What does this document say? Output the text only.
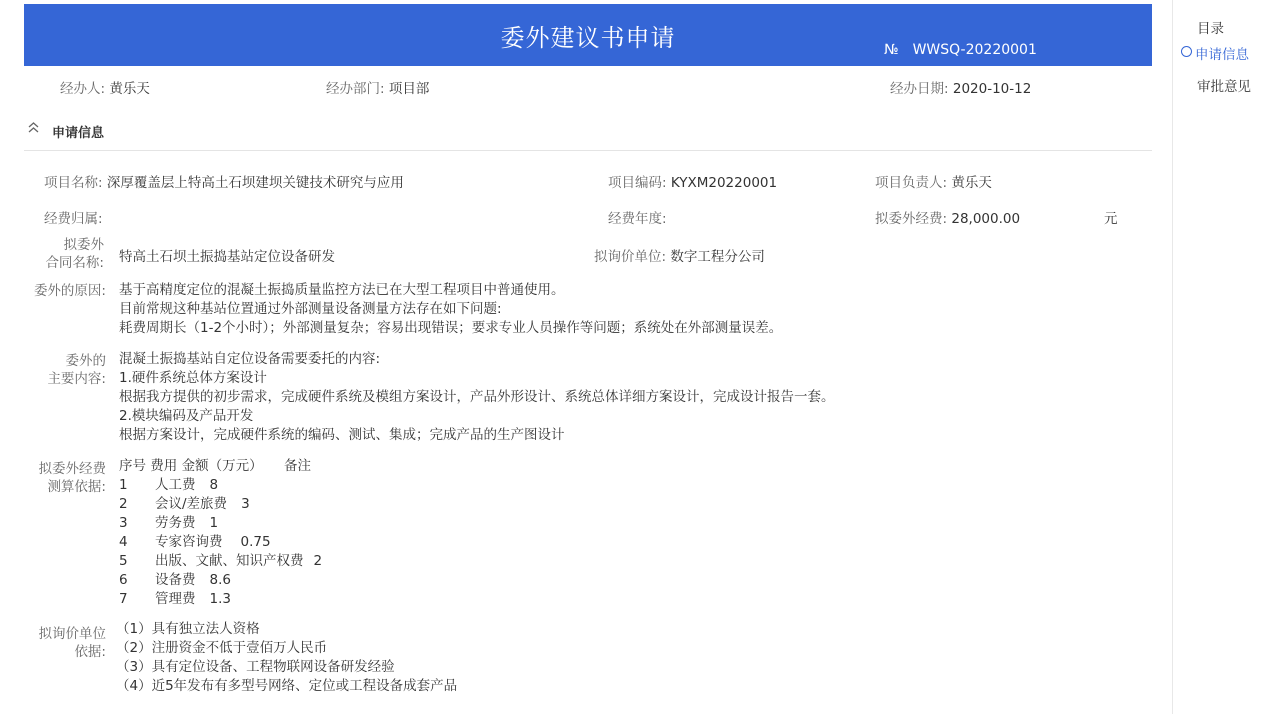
委外建议书申请	№ WWSQ-20220001
经办人: 黄乐天	经办部门: 项目部	经办日期: 2020-10-12
申请信息
项目名称: 深厚覆盖层上特高土石坝建坝关键技术研究与应用	项目编码: KYXM20220001	项目负责人: 黄乐天
经费归属:	经费年度:	拟委外经费: 28,000.00	元
拟委外
合同名称: 特高土石坝土振捣基站定位设备研发	拟询价单位: 数字工程分公司
委外的原因: 基于高精度定位的混凝土振捣质量监控方法已在大型工程项目中普通使用。
目前常规这种基站位置通过外部测量设备测量方法存在如下问题:
耗费周期长（1-2个小时）；外部测量复杂；容易出现错误；要求专业人员操作等问题；系统处在外部测量误差。
委外的
主要内容:
混凝土振捣基站自定位设备需要委托的内容:
1.硬件系统总体方案设计
根据我方提供的初步需求，完成硬件系统及模组方案设计，产品外形设计、系统总体详细方案设计，完成设计报告一套。
2.模块编码及产品开发
根据方案设计，完成硬件系统的编码、测试、集成；完成产品的生产图设计
拟委外经费
测算依据:
序号 费用 金额（万元）     备注
1 人工费 8
2 会议/差旅费 3
3 劳务费 1
4 专家咨询费 0.75
5 出版、文献、知识产权费 2
6 设备费 8.6
7 管理费 1.3
拟询价单位
依据:
（1）具有独立法人资格
（2）注册资金不低于壹佰万人民币
（3）具有定位设备、工程物联网设备研发经验
（4）近5年发布有多型号网络、定位或工程设备成套产品
目录
申请信息
审批意见
